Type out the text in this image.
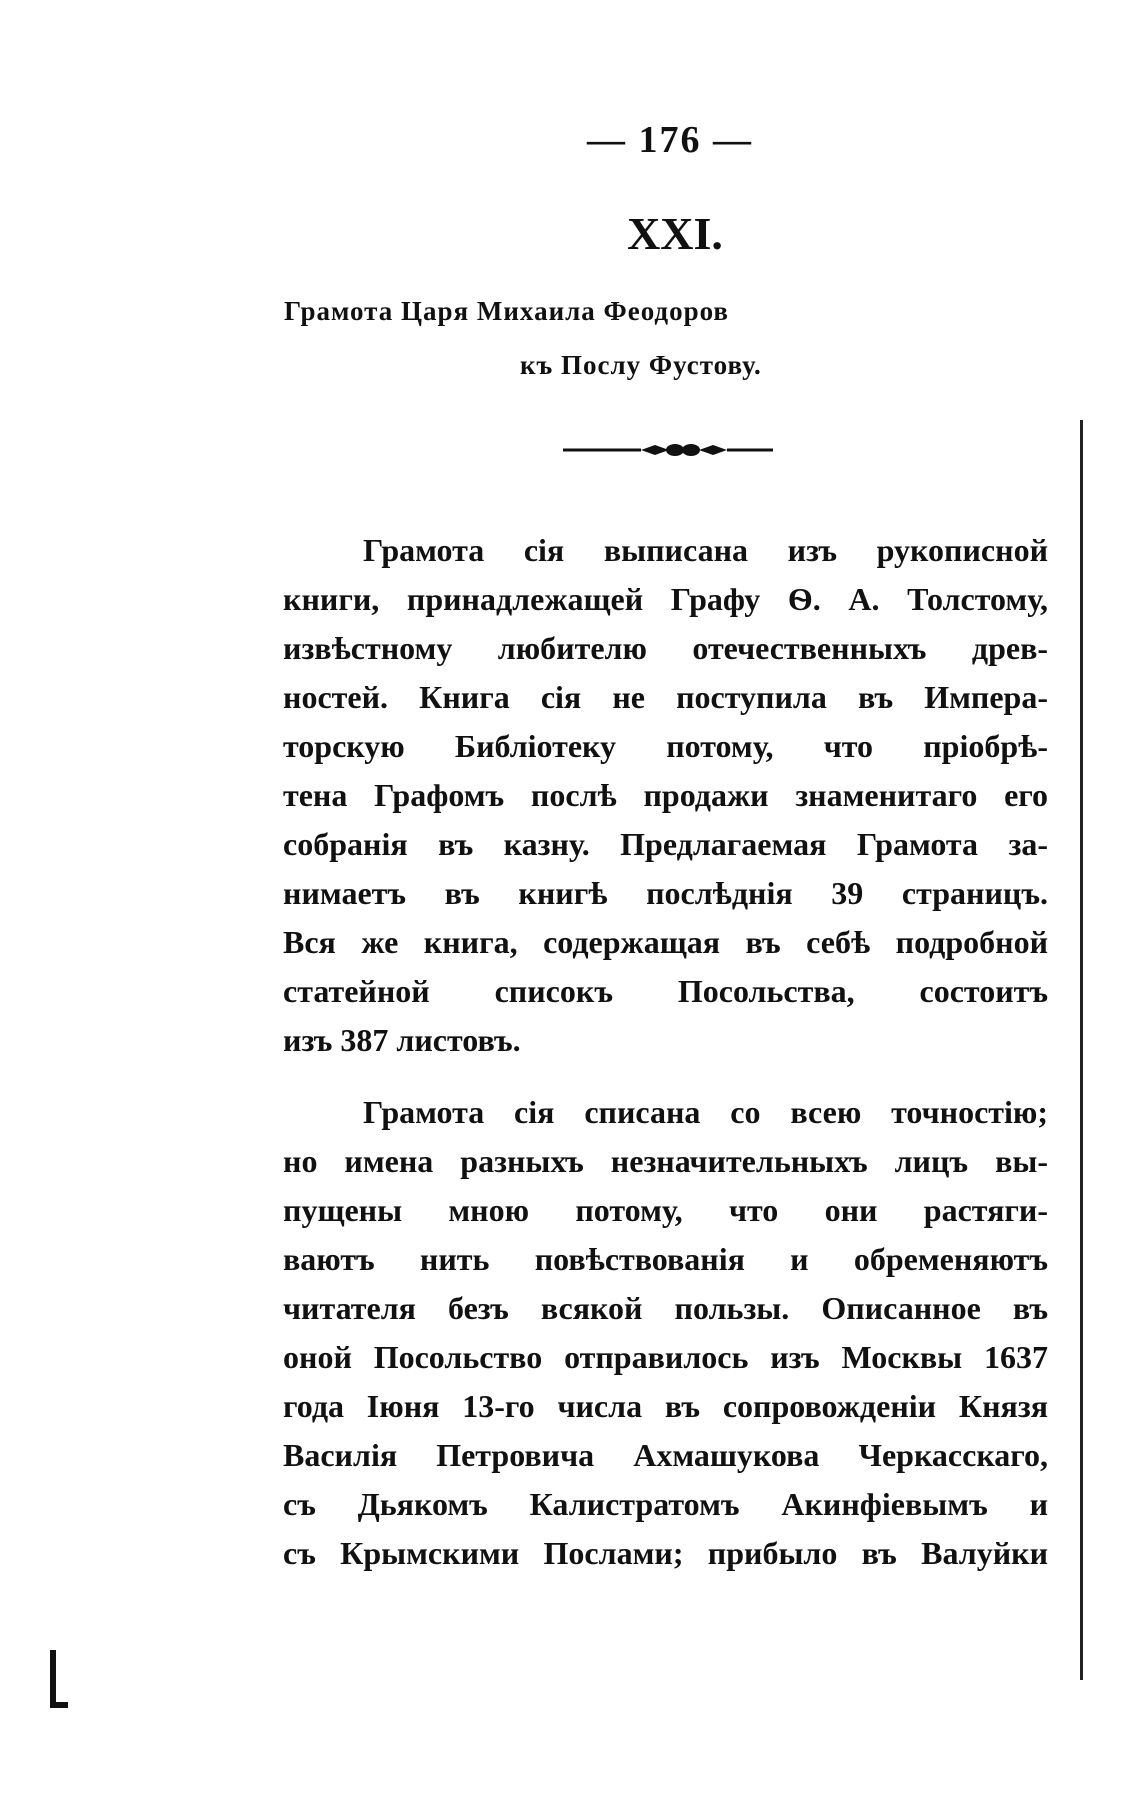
— 176 —
XXI.
Грамота Царя Михаила Феодоров
къ Послу Фустову.
Грамота сія выписана изъ рукописной
книги, принадлежащей Графу Ѳ. А. Толстому,
извѣстному любителю отечественныхъ древ-
ностей. Книга сія не поступила въ Импера-
торскую Библіотеку потому, что пріобрѣ-
тена Графомъ послѣ продажи знаменитаго его
собранія въ казну. Предлагаемая Грамота за-
нимаетъ въ книгѣ послѣднія 39 страницъ.
Вся же книга, содержащая въ себѣ подробной
статейной списокъ Посольства, состоитъ
изъ 387 листовъ.
Грамота сія списана со всею точностію;
но имена разныхъ незначительныхъ лицъ вы-
пущены мною потому, что они растяги-
ваютъ нить повѣствованія и обременяютъ
читателя безъ всякой пользы. Описанное въ
оной Посольство отправилось изъ Москвы 1637
года Іюня 13-го числа въ сопровожденіи Князя
Василія Петровича Ахмашукова Черкасскаго,
съ Дьякомъ Калистратомъ Акинфіевымъ и
съ Крымскими Послами; прибыло въ Валуйки
